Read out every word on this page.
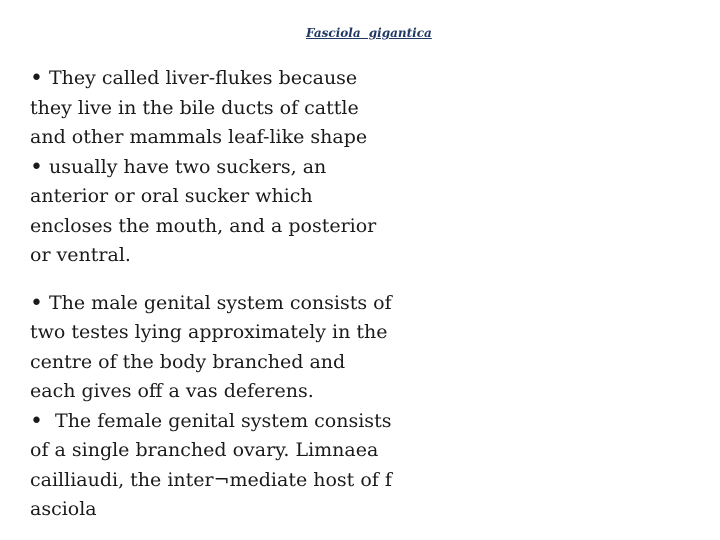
Fasciola gigantica

• They called liver-flukes because
they live in the bile ducts of cattle
and other mammals leaf-like shape

• usually have two suckers, an
anterior or oral sucker which
encloses the mouth, and a posterior
or ventral.

• The male genital system consists of
two testes lying approximately in the
centre of the body branched and
each gives off a vas deferens.

• The female genital system consists
of a single branched ovary. Limnaea
cailliaudi, the inter¬mediate host of f
asciola
